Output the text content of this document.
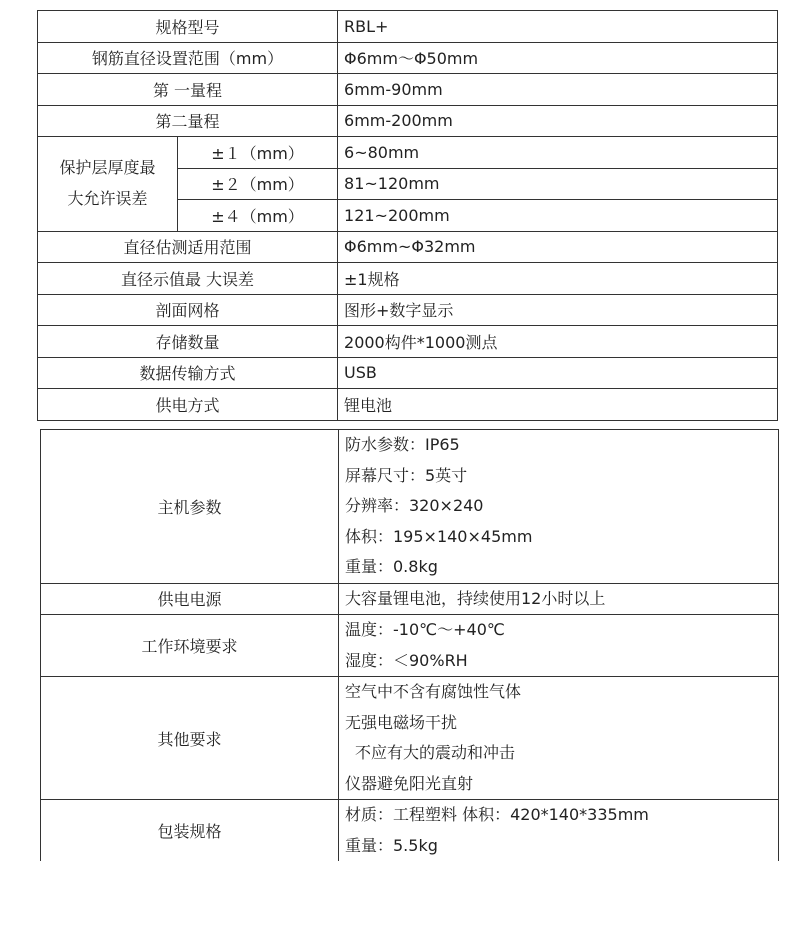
规格型号		RBL+
钢筋直径设置范围（mm）		Φ6mm～Φ50mm
第 一量程		6mm-90mm
第二量程		6mm-200mm

保护层厚度最
大允许误差	±１（mm）	6~80mm
	±２（mm）	81~120mm
	±４（mm）	121~200mm
直径估测适用范围		Φ6mm~Φ32mm
直径示值最 大误差		±1规格
剖面网格		图形+数字显示
存储数量		2000构件*1000测点
数据传输方式		USB
供电方式		锂电池
主机参数	防水参数：IP65
屏幕尺寸：5英寸
分辨率：320×240
体积：195×140×45mm
重量：0.8kg

供电电源	大容量锂电池，持续使用12小时以上

工作环境要求	温度：-10℃～+40℃
湿度：＜90%RH

其他要求	空气中不含有腐蚀性气体
无强电磁场干扰
不应有大的震动和冲击
仪器避免阳光直射

包装规格	材质：工程塑料 体积：420*140*335mm
重量：5.5kg
